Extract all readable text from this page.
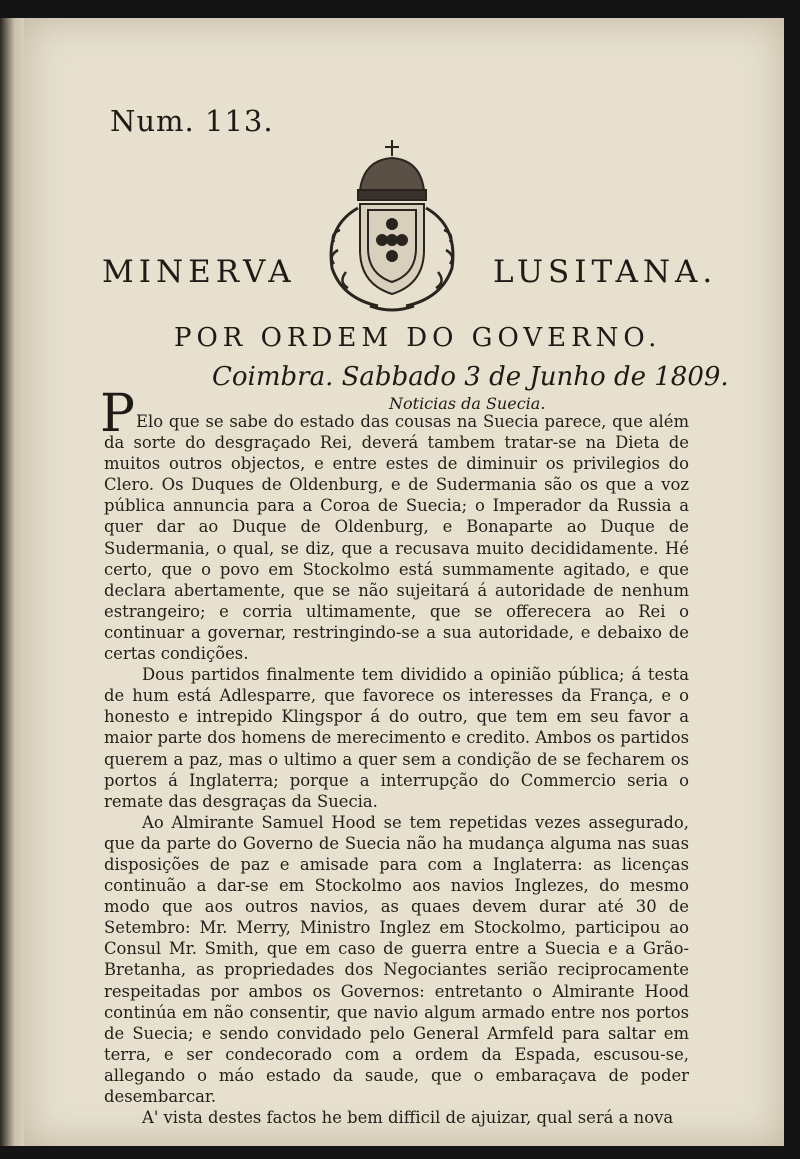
Num. 113.
MINERVA	LUSITANA.
POR ORDEM DO GOVERNO.
Coimbra. Sabbado 3 de Junho de 1809.
Noticias da Suecia.
P Elo que se sabe do estado das cousas na Suecia parece, que além da sorte do desgraçado Rei, deverá tambem tratar-se na Dieta de muitos outros objectos, e entre estes de diminuir os privilegios do Clero. Os Duques de Oldenburg, e de Sudermania são os que a voz pública annuncia para a Coroa de Suecia; o Imperador da Russia a quer dar ao Duque de Oldenburg, e Bonaparte ao Duque de Sudermania, o qual, se diz, que a recusava muito decididamente. Hé certo, que o povo em Stockolmo está summamente agitado, e que declara abertamente, que se não sujeitará á autoridade de nenhum estrangeiro; e corria ultimamente, que se offerecera ao Rei o continuar a governar, restringindo-se a sua autoridade, e debaixo de certas condições.

Dous partidos finalmente tem dividido a opinião pública; á testa de hum está Adlesparre, que favorece os interesses da França, e o honesto e intrepido Klingspor á do outro, que tem em seu favor a maior parte dos homens de merecimento e credito. Ambos os partidos querem a paz, mas o ultimo a quer sem a condição de se fecharem os portos á Inglaterra; porque a interrupção do Commercio seria o remate das desgraças da Suecia.

Ao Almirante Samuel Hood se tem repetidas vezes assegurado, que da parte do Governo de Suecia não ha mudança alguma nas suas disposições de paz e amisade para com a Inglaterra: as licenças continuão a dar-se em Stockolmo aos navios Inglezes, do mesmo modo que aos outros navios, as quaes devem durar até 30 de Setembro: Mr. Merry, Ministro Inglez em Stockolmo, participou ao Consul Mr. Smith, que em caso de guerra entre a Suecia e a Grão-Bretanha, as propriedades dos Negociantes serião reciprocamente respeitadas por ambos os Governos: entretanto o Almirante Hood continúa em não consentir, que navio algum armado entre nos portos de Suecia; e sendo convidado pelo General Armfeld para saltar em terra, e ser condecorado com a ordem da Espada, escusou-se, allegando o máo estado da saude, que o embaraçava de poder desembarcar.

A' vista destes factos he bem difficil de ajuizar, qual será a nova
